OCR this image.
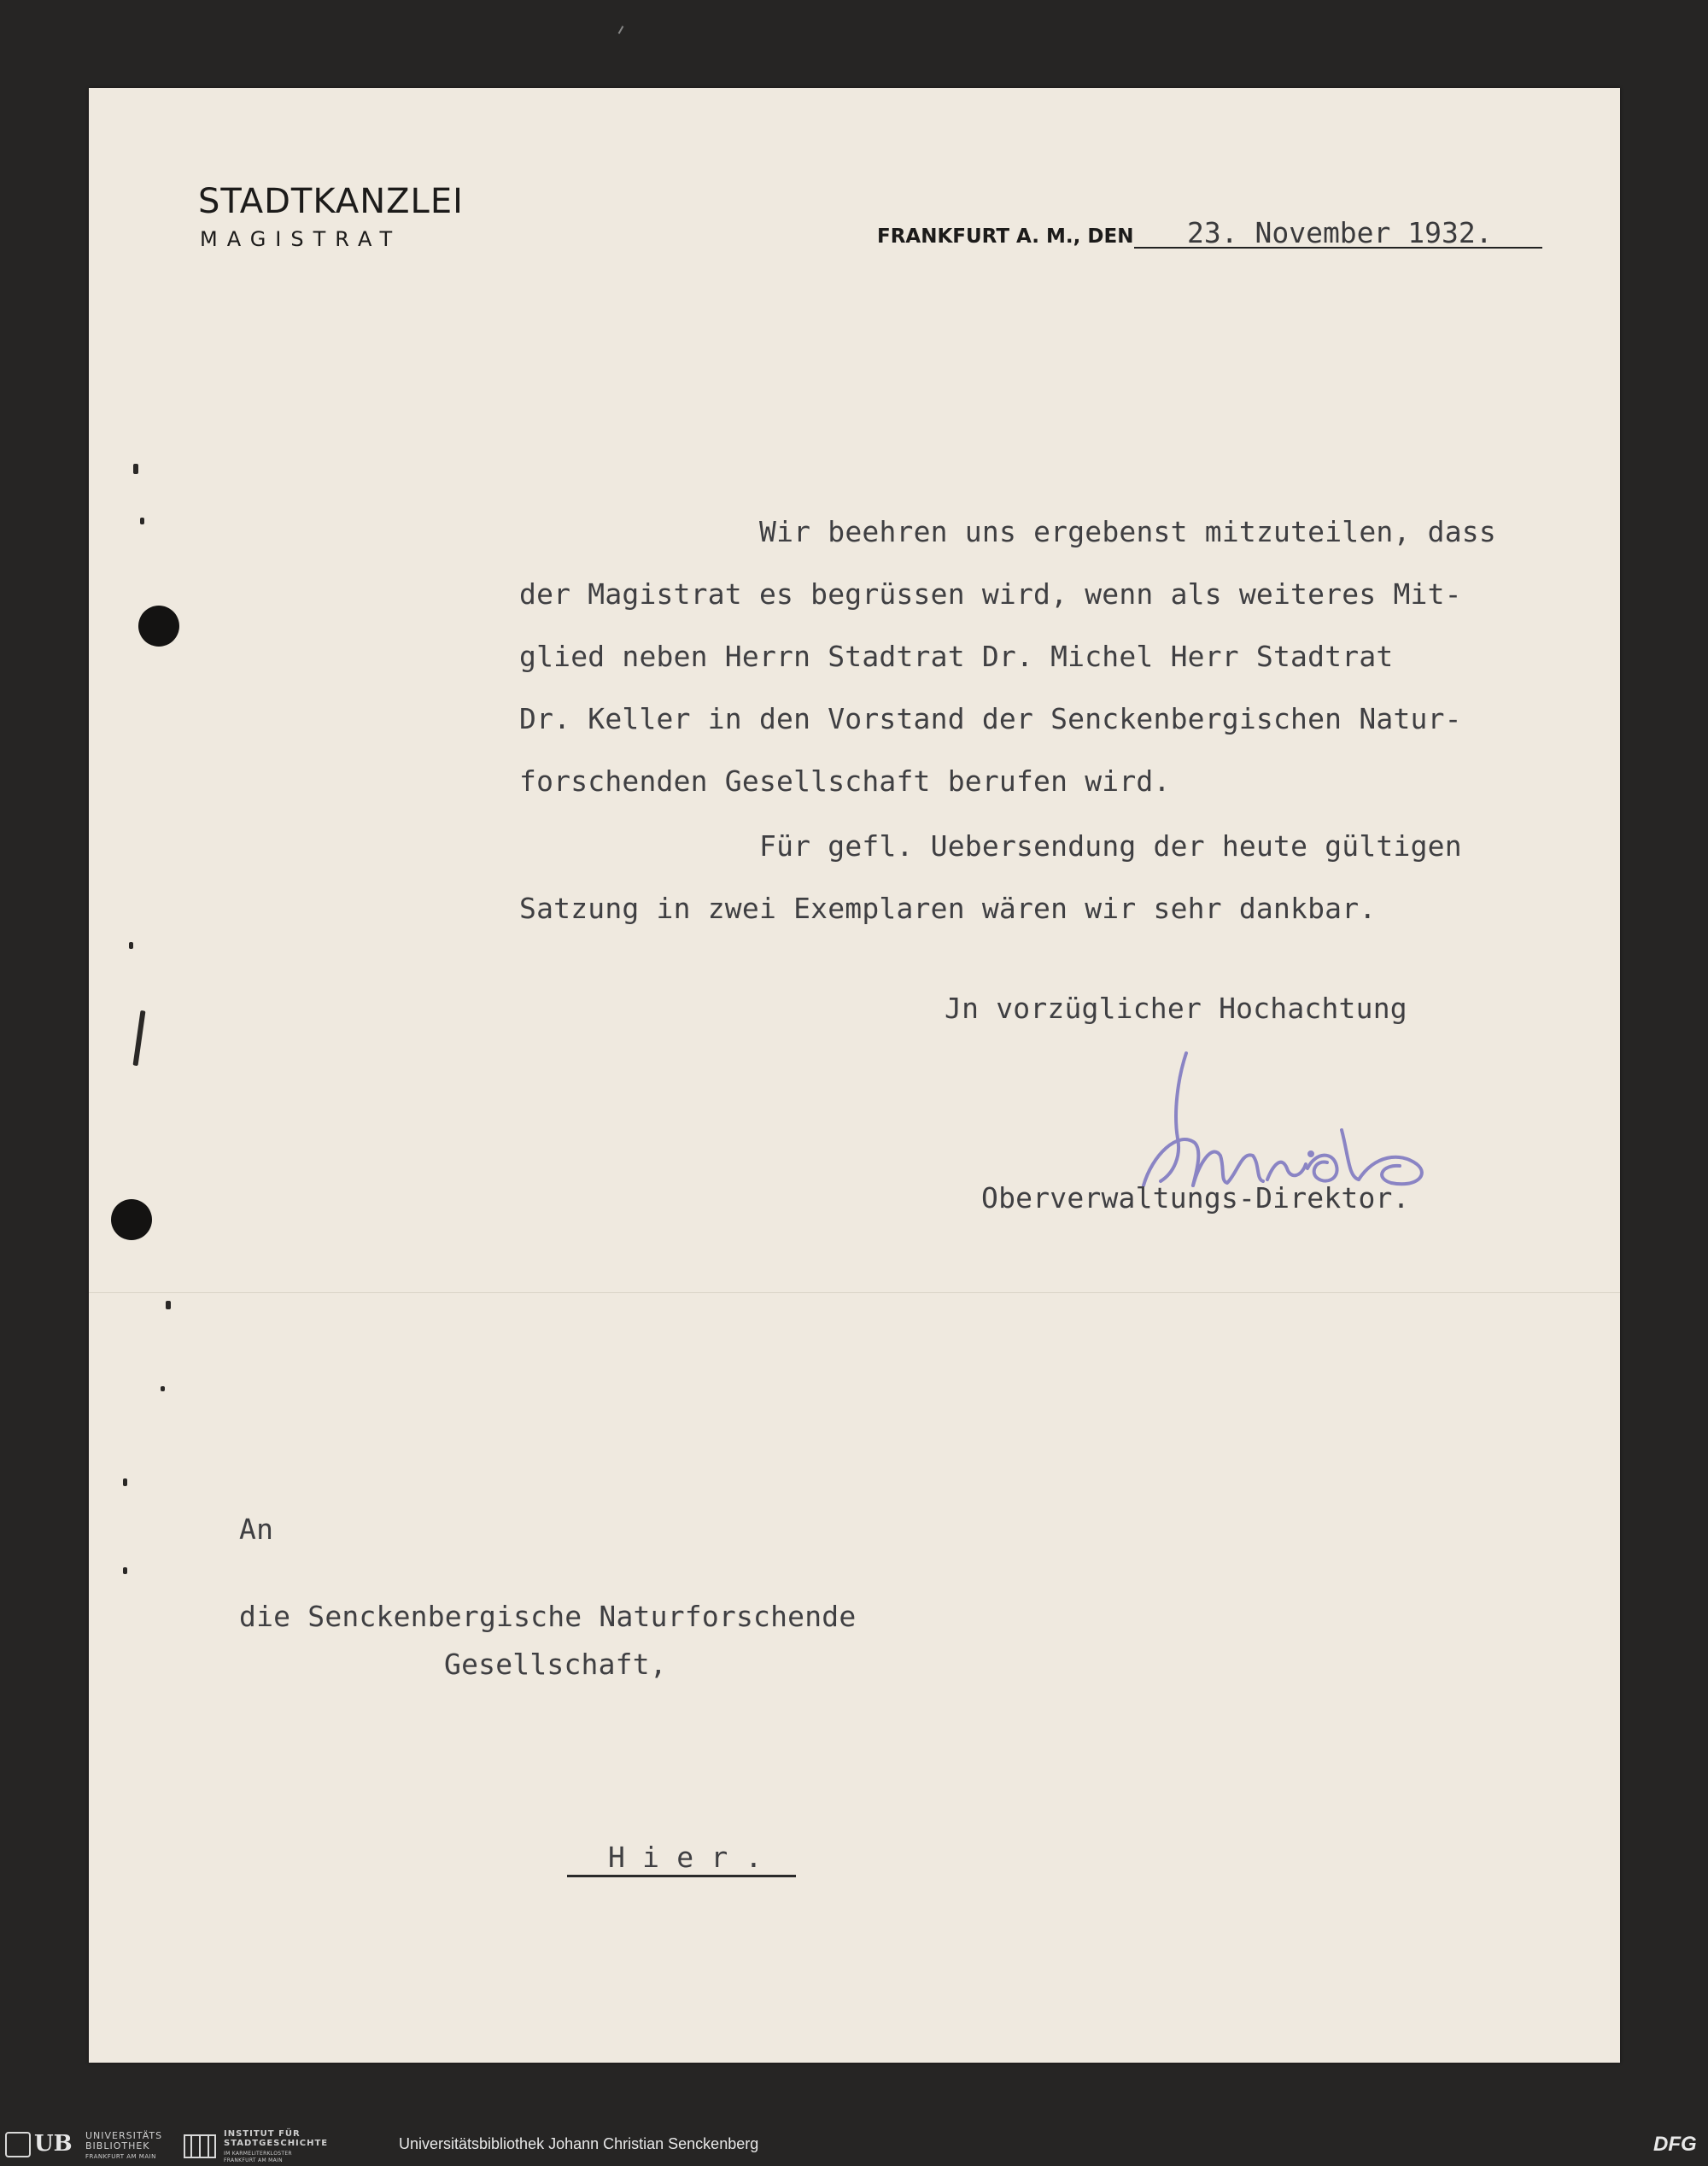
STADTKANZLEI
MAGISTRAT	FRANKFURT A. M., DEN 23. November 1932.
Wir beehren uns ergebenst mitzuteilen, dass
der Magistrat es begrüssen wird, wenn als weiteres Mit-
glied neben Herrn Stadtrat Dr. Michel Herr Stadtrat
Dr. Keller in den Vorstand der Senckenbergischen Natur-
forschenden Gesellschaft berufen wird.
Für gefl. Uebersendung der heute gültigen
Satzung in zwei Exemplaren wären wir sehr dankbar.
Jn vorzüglicher Hochachtung
Oberverwaltungs-Direktor.
An
die Senckenbergische Naturforschende
Gesellschaft,
H i e r .
UB UNIVERSITÄTS
BIBLIOTHEK
FRANKFURT AM MAIN
INSTITUT FÜR
STADTGESCHICHTE
IM KARMELITERKLOSTER
FRANKFURT AM MAIN
Universitätsbibliothek Johann Christian Senckenberg	DFG
